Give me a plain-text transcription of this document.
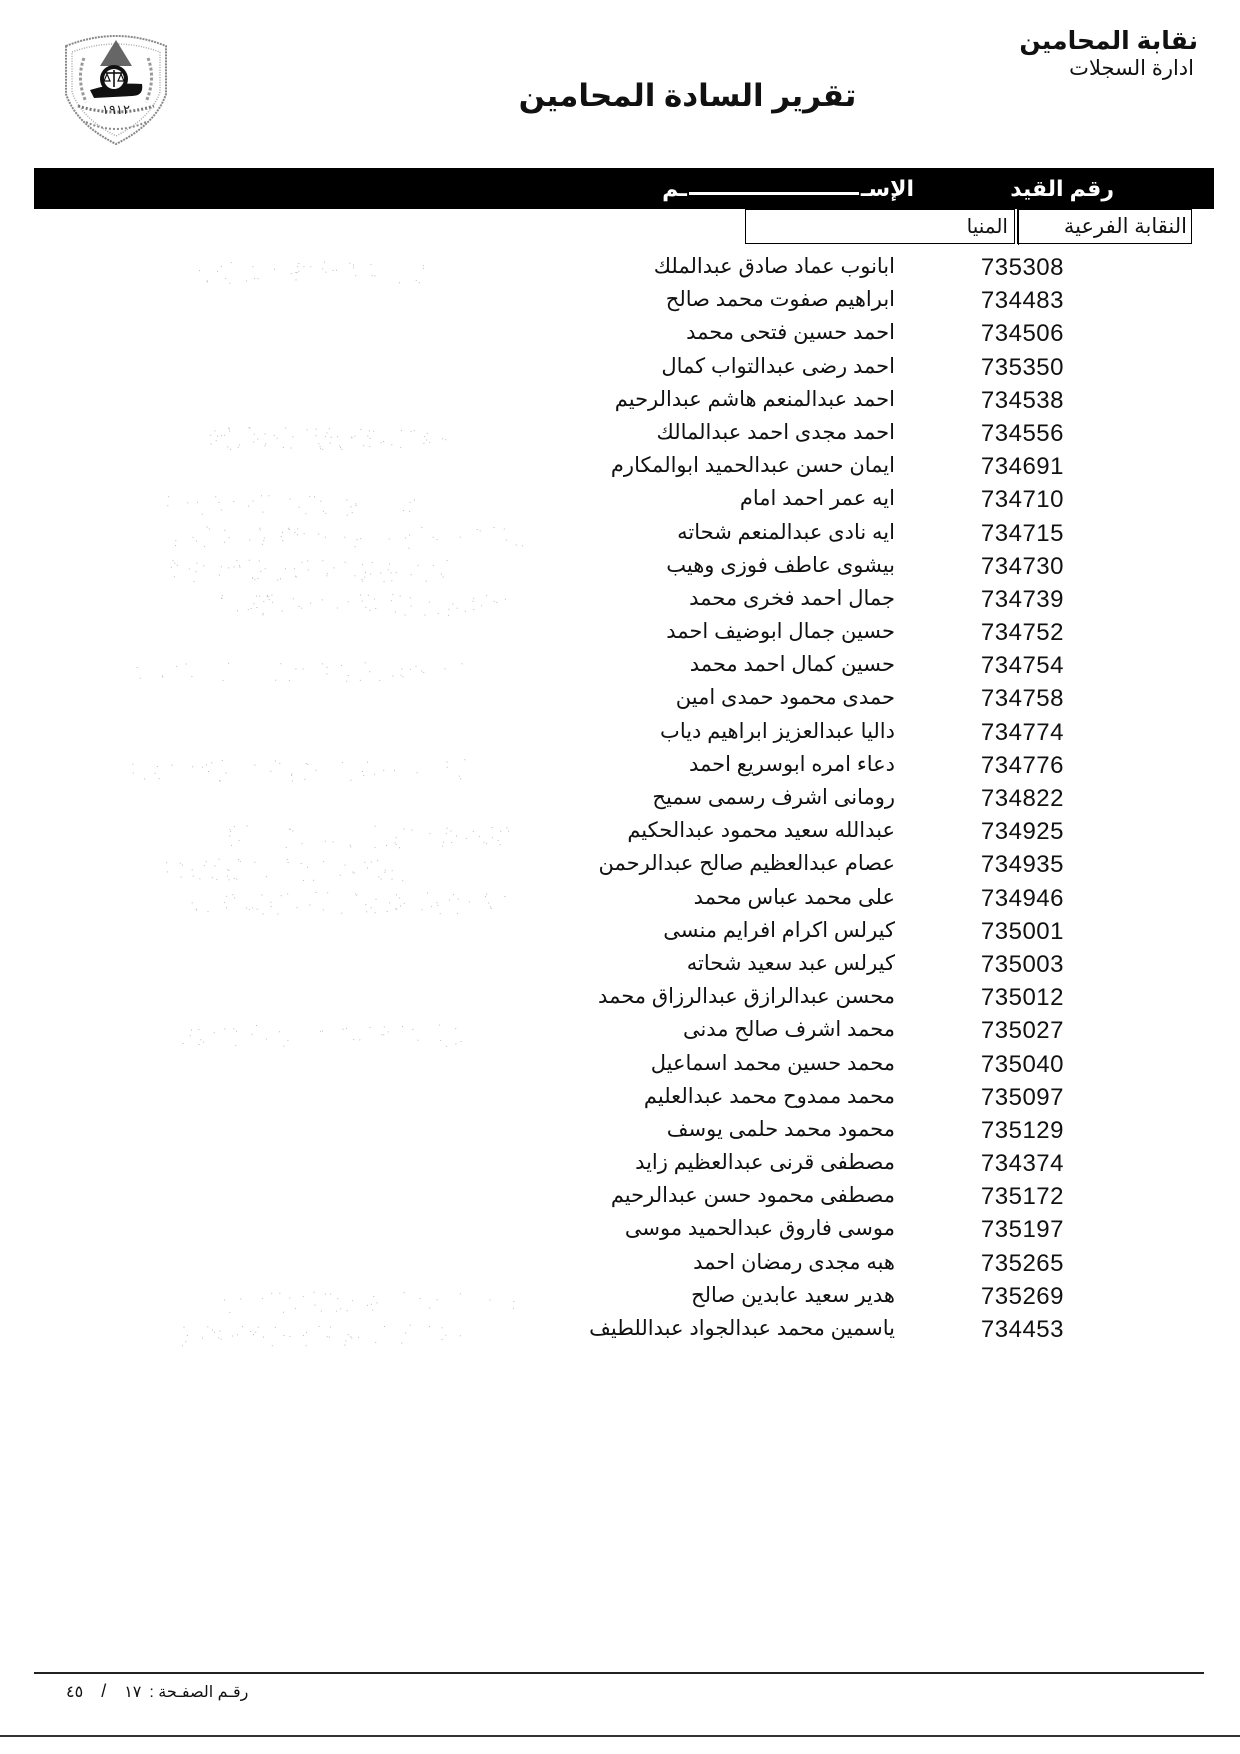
١٩١٢
نقابة المحامين
ادارة السجلات
تقرير السادة المحامين
رقم القيد
الإسـ
ـم
النقابة الفرعية
المنيا
735308
ابانوب عماد صادق عبدالملك
734483
ابراهيم صفوت محمد صالح
734506
احمد حسين فتحى محمد
735350
احمد رضى عبدالتواب كمال
734538
احمد عبدالمنعم هاشم عبدالرحيم
734556
احمد مجدى احمد عبدالمالك
734691
ايمان حسن عبدالحميد ابوالمكارم
734710
ايه عمر احمد امام
734715
ايه نادى عبدالمنعم شحاته
734730
بيشوى عاطف فوزى وهيب
734739
جمال احمد فخرى محمد
734752
حسين جمال ابوضيف احمد
734754
حسين كمال احمد محمد
734758
حمدى محمود حمدى امين
734774
داليا عبدالعزيز ابراهيم دياب
734776
دعاء امره ابوسريع احمد
734822
رومانى اشرف رسمى سميح
734925
عبدالله سعيد محمود عبدالحكيم
734935
عصام عبدالعظيم صالح عبدالرحمن
734946
على محمد عباس محمد
735001
كيرلس اكرام افرايم منسى
735003
كيرلس عبد سعيد شحاته
735012
محسن عبدالرازق عبدالرزاق محمد
735027
محمد اشرف صالح مدنى
735040
محمد حسين محمد اسماعيل
735097
محمد ممدوح محمد عبدالعليم
735129
محمود محمد حلمى يوسف
734374
مصطفى قرنى عبدالعظيم زايد
735172
مصطفى محمود حسن عبدالرحيم
735197
موسى فاروق عبدالحميد موسى
735265
هبه مجدى رمضان احمد
735269
هدير سعيد عابدين صالح
734453
ياسمين محمد عبدالجواد عبداللطيف
رقـم الصفـحة :
١٧
/
٤٥
